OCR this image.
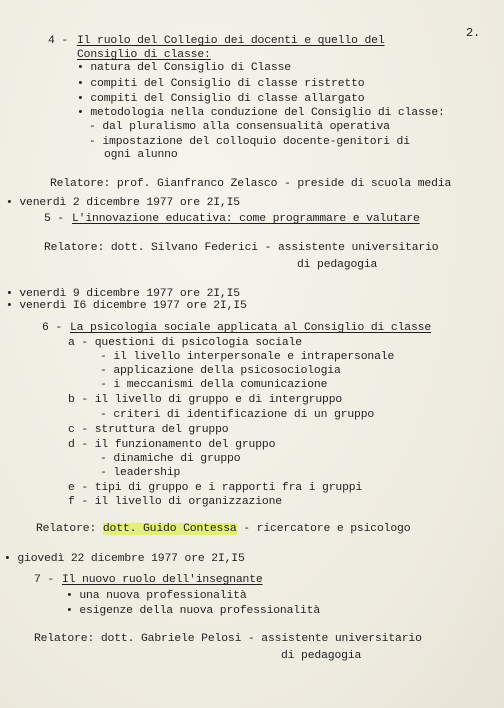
2.
4 - Il ruolo del Collegio dei docenti e quello del
Consiglio di classe:
• natura del Consiglio di Classe
• compiti del Consiglio di classe ristretto
• compiti del Consiglio di classe allargato
• metodologia nella conduzione del Consiglio di classe:
- dal pluralismo alla consensualità operativa
- impostazione del colloquio docente-genitori di
ogni alunno
Relatore: prof. Gianfranco Zelasco - preside di scuola media
• venerdì 2 dicembre 1977 ore 2I,I5
5 - L'innovazione educativa: come programmare e valutare
Relatore: dott. Silvano Federici - assistente universitario
di pedagogia
• venerdì 9 dicembre 1977 ore 2I,I5
• venerdì I6 dicembre 1977 ore 2I,I5
6 - La psicologia sociale applicata al Consiglio di classe
a - questioni di psicologia sociale
- il livello interpersonale e intrapersonale
- applicazione della psicosociologia
- i meccanismi della comunicazione
b - il livello di gruppo e di intergruppo
- criteri di identificazione di un gruppo
c - struttura del gruppo
d - il funzionamento del gruppo
- dinamiche di gruppo
- leadership
e - tipi di gruppo e i rapporti fra i gruppi
f - il livello di organizzazione
Relatore: dott. Guido Contessa - ricercatore e psicologo
• giovedì 22 dicembre 1977 ore 2I,I5
7 - Il nuovo ruolo dell'insegnante
• una nuova professionalità
• esigenze della nuova professionalità
Relatore: dott. Gabriele Pelosi - assistente universitario
di pedagogia
